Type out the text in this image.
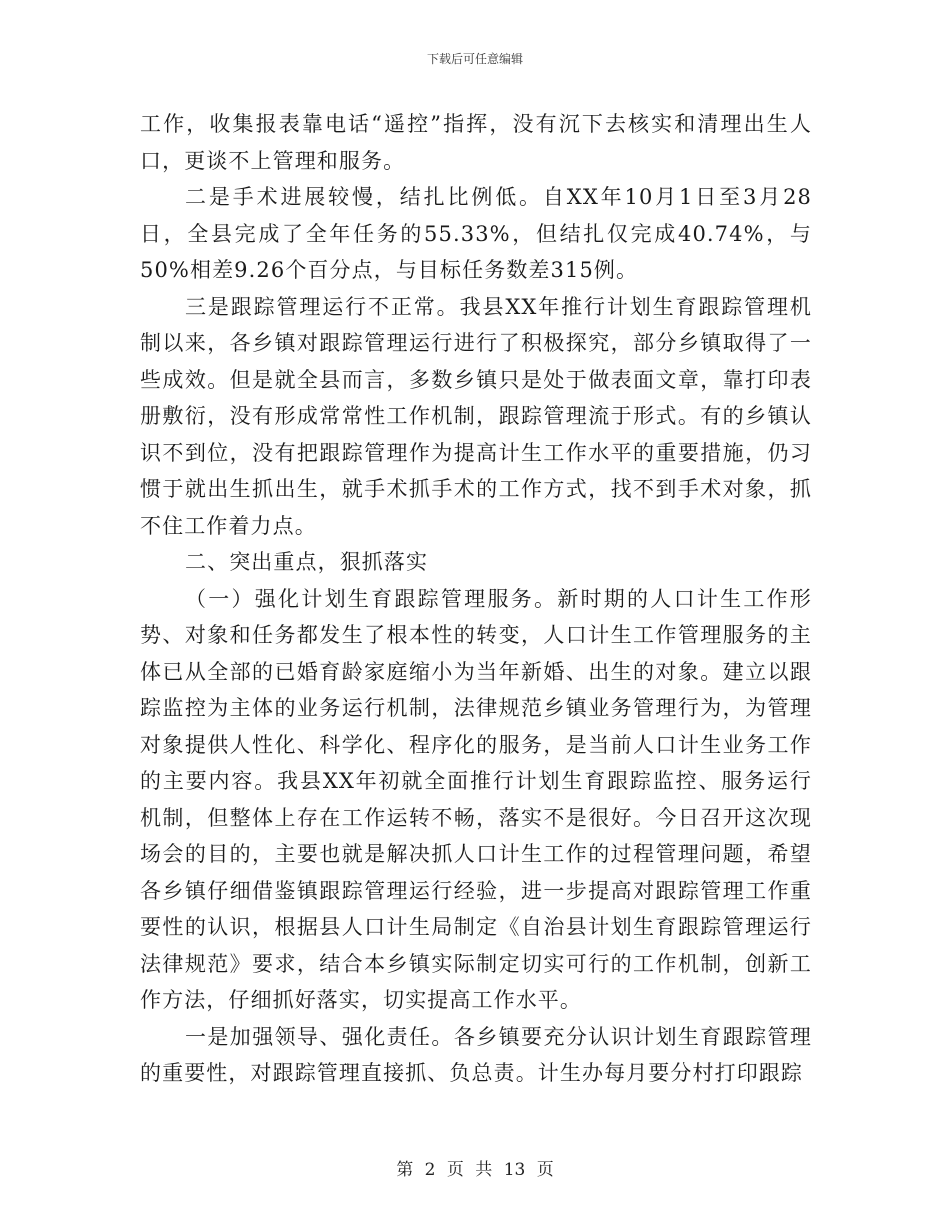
下载后可任意编辑

工作，收集报表靠电话“遥控”指挥，没有沉下去核实和清理出生人口，更谈不上管理和服务。

二是手术进展较慢，结扎比例低。自XX年10月1日至3月28日，全县完成了全年任务的55.33%，但结扎仅完成40.74%，与50%相差9.26个百分点，与目标任务数差315例。

三是跟踪管理运行不正常。我县XX年推行计划生育跟踪管理机制以来，各乡镇对跟踪管理运行进行了积极探究，部分乡镇取得了一些成效。但是就全县而言，多数乡镇只是处于做表面文章，靠打印表册敷衍，没有形成常常性工作机制，跟踪管理流于形式。有的乡镇认识不到位，没有把跟踪管理作为提高计生工作水平的重要措施，仍习惯于就出生抓出生，就手术抓手术的工作方式，找不到手术对象，抓不住工作着力点。

二、突出重点，狠抓落实

（一）强化计划生育跟踪管理服务。新时期的人口计生工作形势、对象和任务都发生了根本性的转变，人口计生工作管理服务的主体已从全部的已婚育龄家庭缩小为当年新婚、出生的对象。建立以跟踪监控为主体的业务运行机制，法律规范乡镇业务管理行为，为管理对象提供人性化、科学化、程序化的服务，是当前人口计生业务工作的主要内容。我县XX年初就全面推行计划生育跟踪监控、服务运行机制，但整体上存在工作运转不畅，落实不是很好。今日召开这次现场会的目的，主要也就是解决抓人口计生工作的过程管理问题，希望各乡镇仔细借鉴镇跟踪管理运行经验，进一步提高对跟踪管理工作重要性的认识，根据县人口计生局制定《自治县计划生育跟踪管理运行法律规范》要求，结合本乡镇实际制定切实可行的工作机制，创新工作方法，仔细抓好落实，切实提高工作水平。

一是加强领导、强化责任。各乡镇要充分认识计划生育跟踪管理的重要性，对跟踪管理直接抓、负总责。计生办每月要分村打印跟踪

第 2 页 共 13 页
